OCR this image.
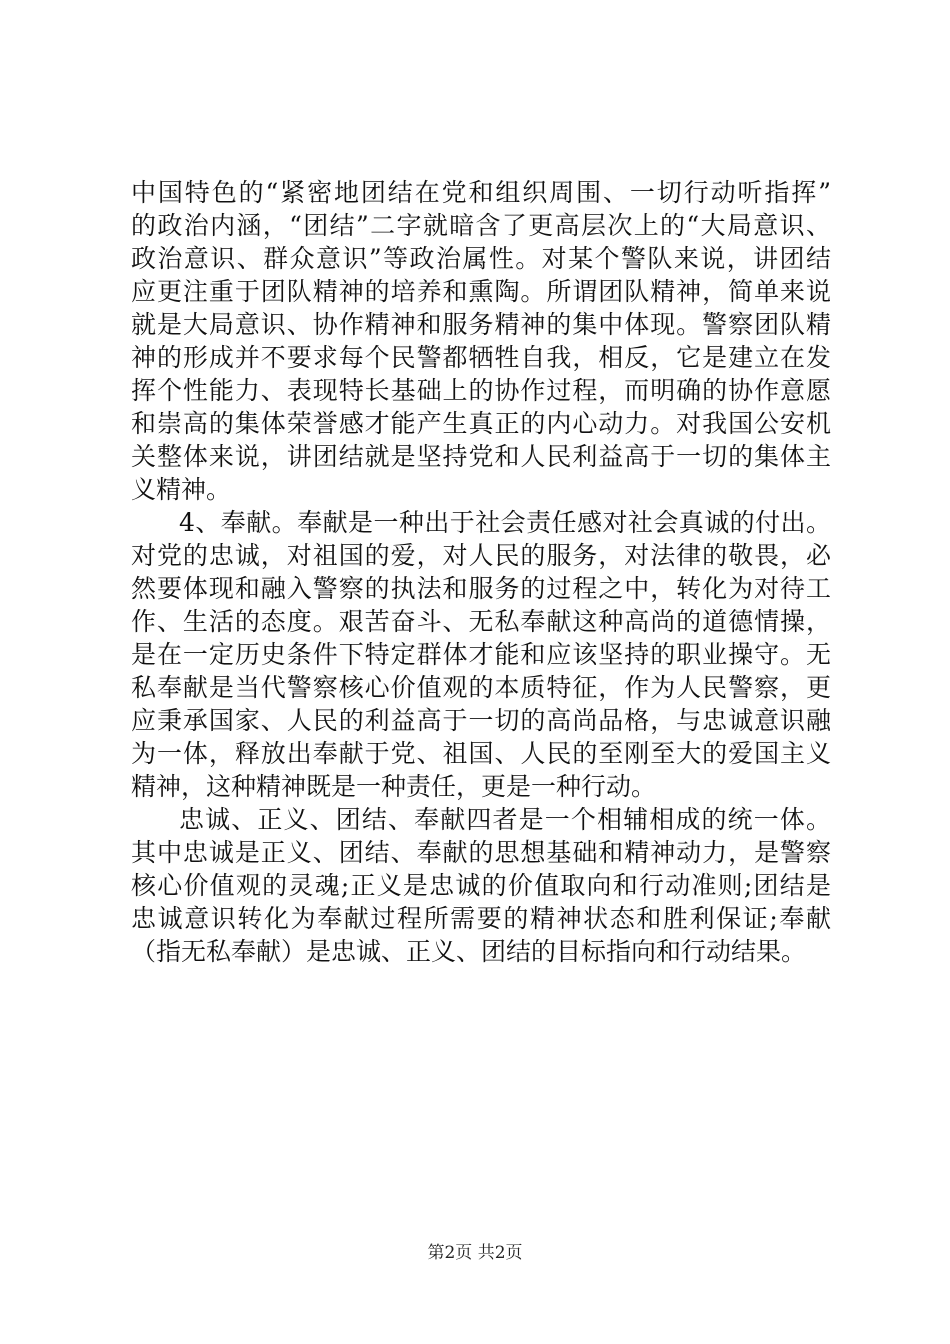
中国特色的“紧密地团结在党和组织周围、一切行动听指挥”
的政治内涵，“团结”二字就暗含了更高层次上的“大局意识、
政治意识、群众意识”等政治属性。对某个警队来说，讲团结
应更注重于团队精神的培养和熏陶。所谓团队精神，简单来说
就是大局意识、协作精神和服务精神的集中体现。警察团队精
神的形成并不要求每个民警都牺牲自我，相反，它是建立在发
挥个性能力、表现特长基础上的协作过程，而明确的协作意愿
和崇高的集体荣誉感才能产生真正的内心动力。对我国公安机
关整体来说，讲团结就是坚持党和人民利益高于一切的集体主
义精神。
4、奉献。奉献是一种出于社会责任感对社会真诚的付出。
对党的忠诚，对祖国的爱，对人民的服务，对法律的敬畏，必
然要体现和融入警察的执法和服务的过程之中，转化为对待工
作、生活的态度。艰苦奋斗、无私奉献这种高尚的道德情操，
是在一定历史条件下特定群体才能和应该坚持的职业操守。无
私奉献是当代警察核心价值观的本质特征，作为人民警察，更
应秉承国家、人民的利益高于一切的高尚品格，与忠诚意识融
为一体，释放出奉献于党、祖国、人民的至刚至大的爱国主义
精神，这种精神既是一种责任，更是一种行动。
忠诚、正义、团结、奉献四者是一个相辅相成的统一体。
其中忠诚是正义、团结、奉献的思想基础和精神动力，是警察
核心价值观的灵魂;正义是忠诚的价值取向和行动准则;团结是
忠诚意识转化为奉献过程所需要的精神状态和胜利保证;奉献
（指无私奉献）是忠诚、正义、团结的目标指向和行动结果。
第2页 共2页
